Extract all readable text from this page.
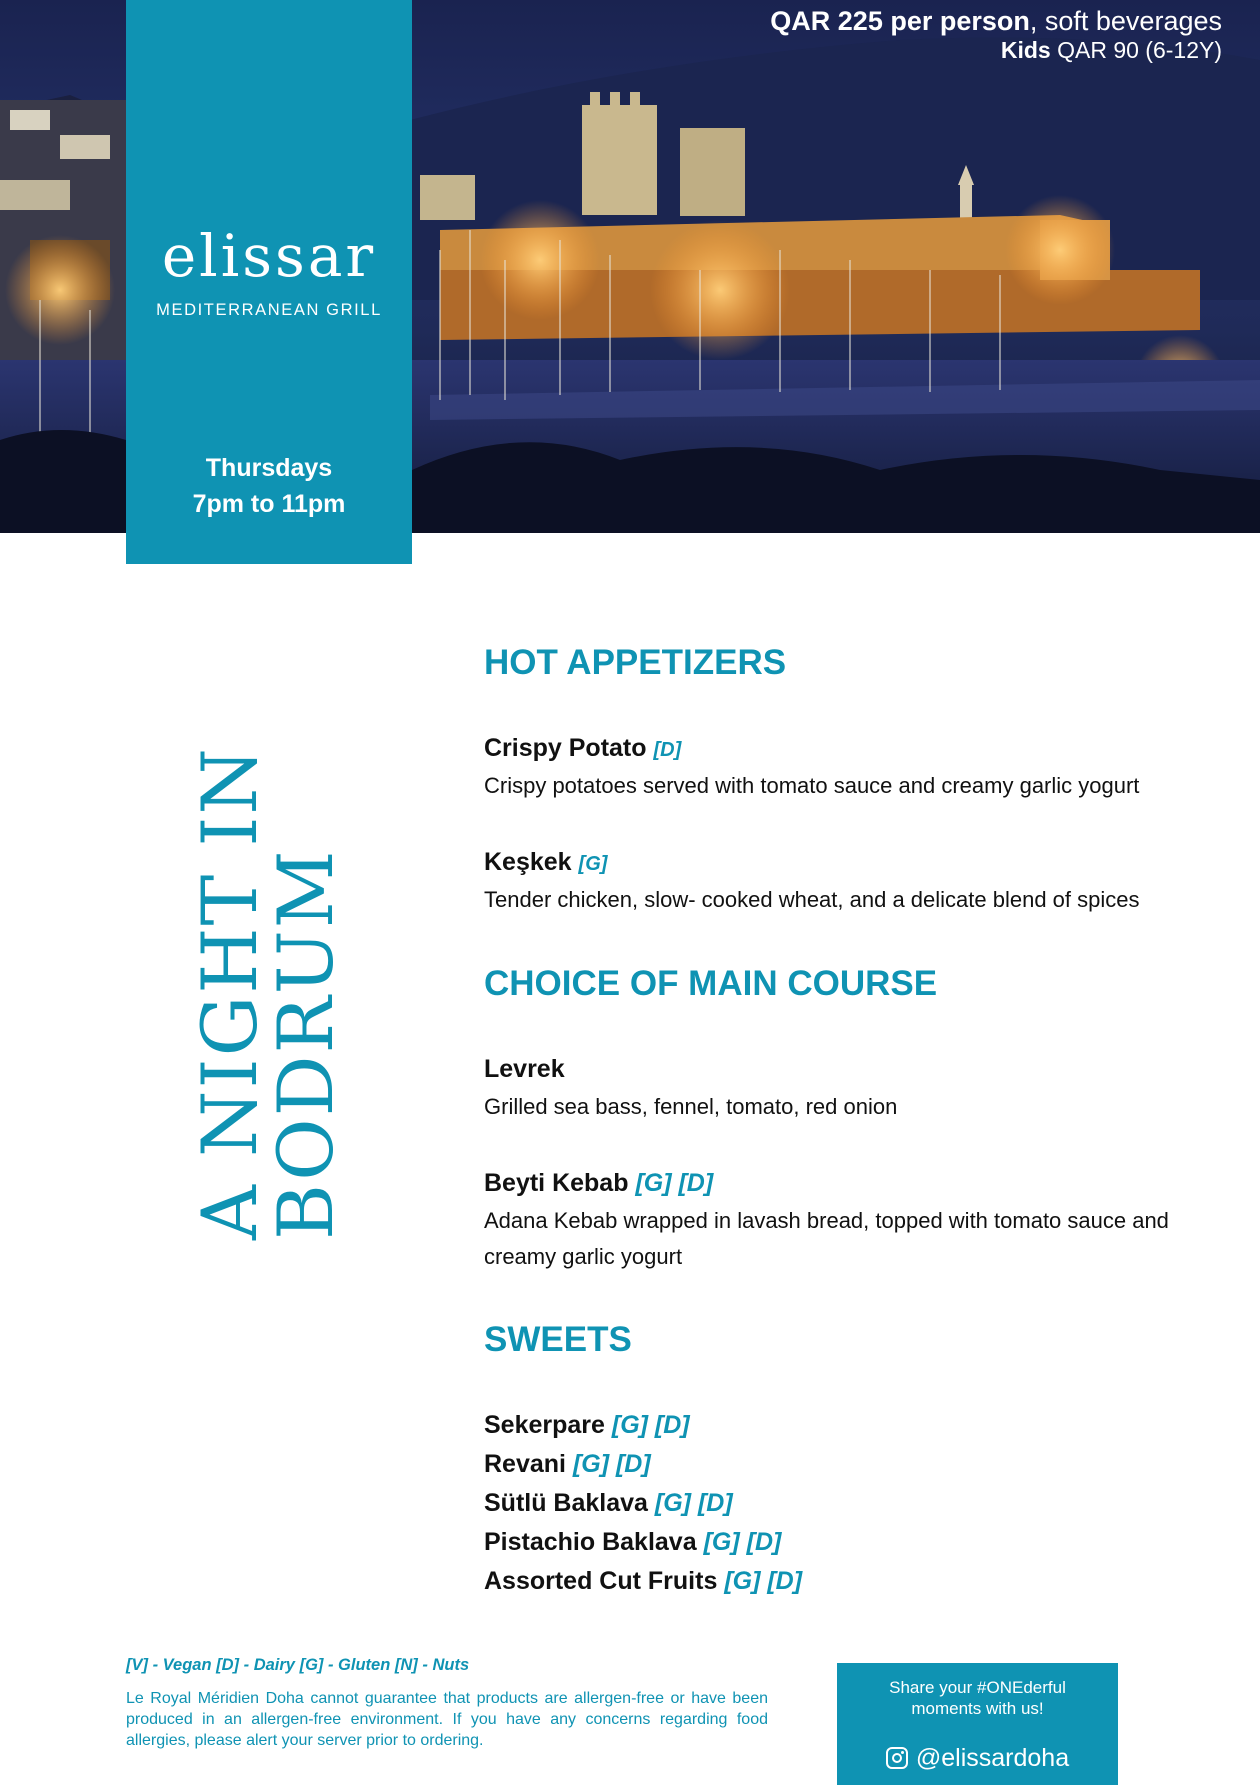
QAR 225 per person, soft beverages
Kids QAR 90 (6-12Y)
elissar
MEDITERRANEAN GRILL
Thursdays
7pm to 11pm
A NIGHT IN
BODRUM
HOT APPETIZERS
Crispy Potato [D]
Crispy potatoes served with tomato sauce and creamy garlic yogurt
Keşkek [G]
Tender chicken, slow- cooked wheat, and a delicate blend of spices
CHOICE OF MAIN COURSE
Levrek
Grilled sea bass, fennel, tomato, red onion
Beyti Kebab [G] [D]
Adana Kebab wrapped in lavash bread, topped with tomato sauce and creamy garlic yogurt
SWEETS
Sekerpare [G] [D]
Revani [G] [D]
Sütlü Baklava [G] [D]
Pistachio Baklava [G] [D]
Assorted Cut Fruits [G] [D]
[V] - Vegan [D] - Dairy [G] - Gluten [N] - Nuts
Le Royal Méridien Doha cannot guarantee that products are allergen-free or have been produced in an allergen-free environment. If you have any concerns regarding food allergies, please alert your server prior to ordering.
Share your #ONEderful
moments with us!
@elissardoha
